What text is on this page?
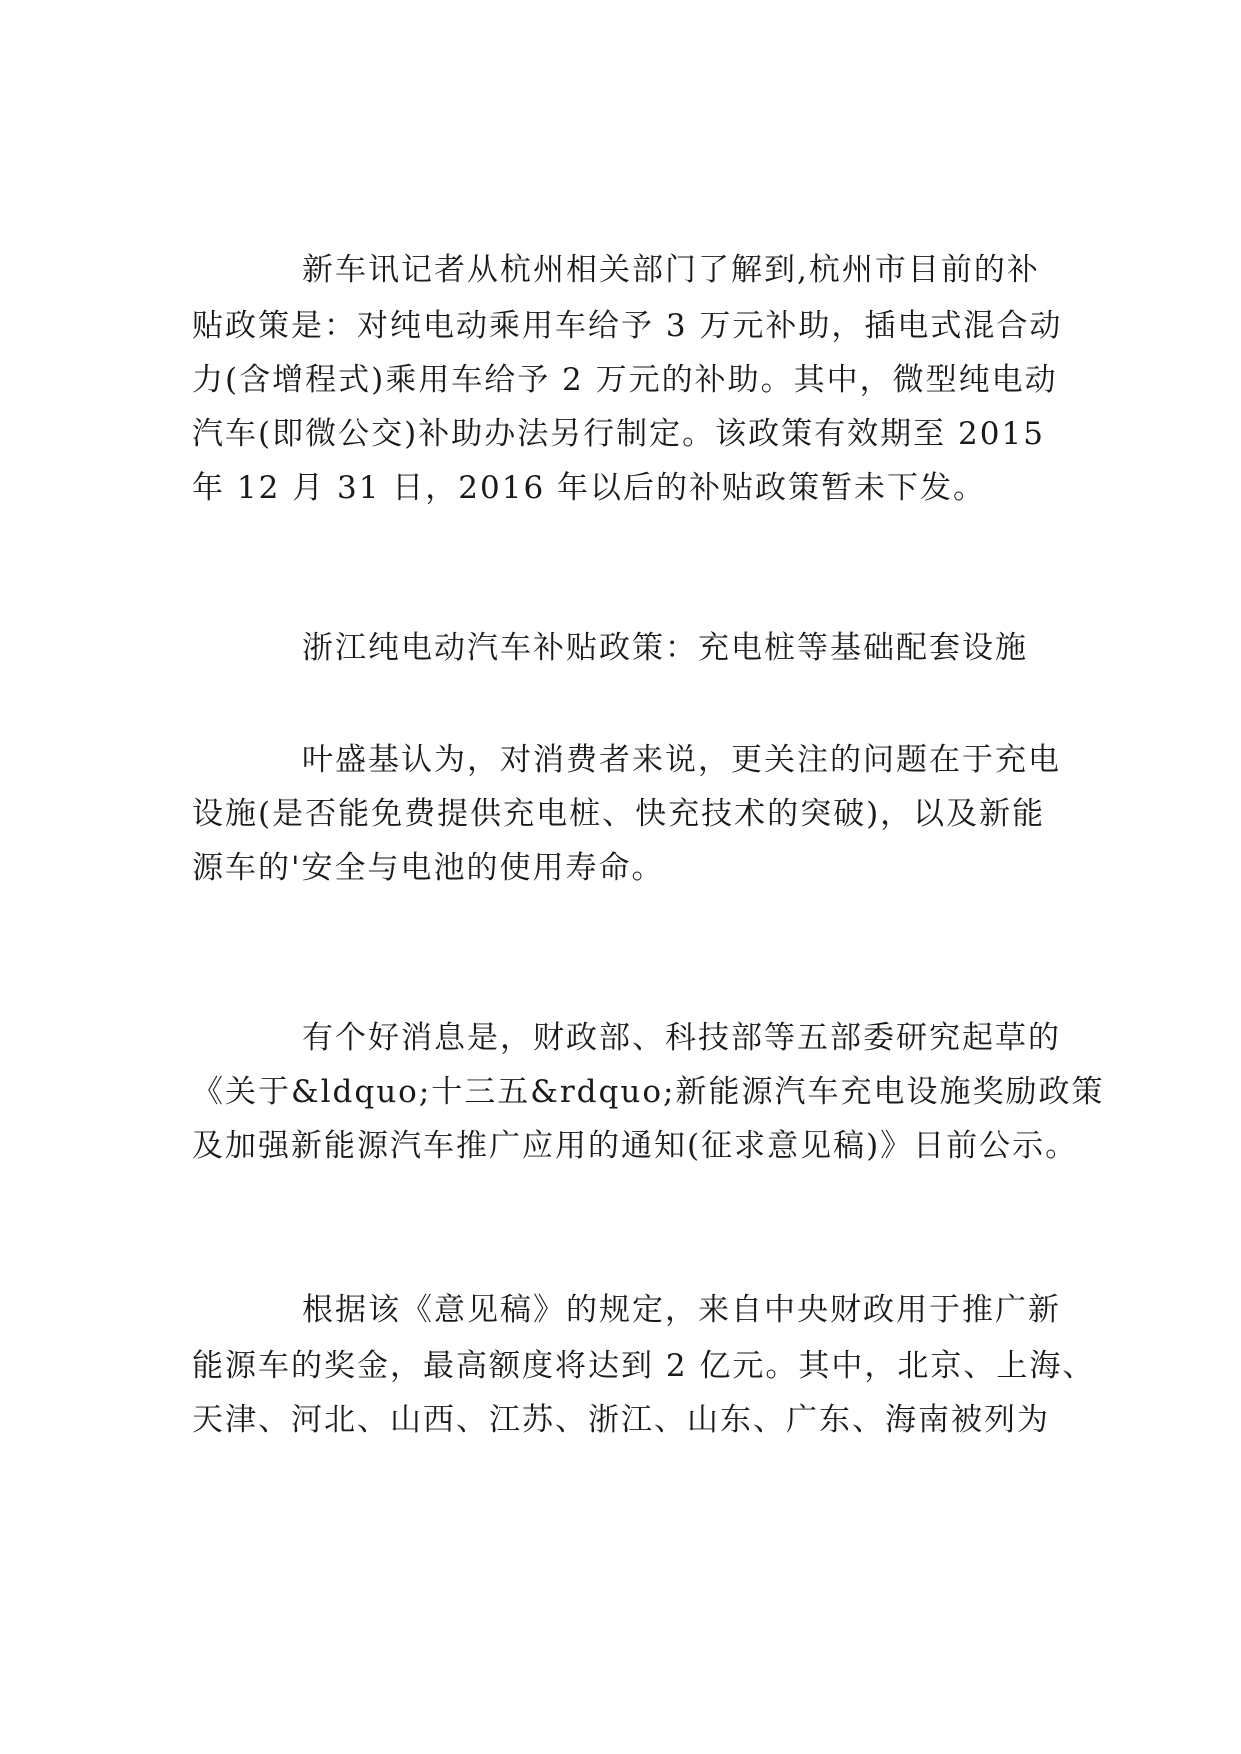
新车讯记者从杭州相关部门了解到,杭州市目前的补
贴政策是：对纯电动乘用车给予 3 万元补助，插电式混合动
力(含增程式)乘用车给予 2 万元的补助。其中，微型纯电动
汽车(即微公交)补助办法另行制定。该政策有效期至 2015
年 12 月 31 日，2016 年以后的补贴政策暂未下发。
浙江纯电动汽车补贴政策：充电桩等基础配套设施
叶盛基认为，对消费者来说，更关注的问题在于充电
设施(是否能免费提供充电桩、快充技术的突破)，以及新能
源车的'安全与电池的使用寿命。
有个好消息是，财政部、科技部等五部委研究起草的
《关于&ldquo;十三五&rdquo;新能源汽车充电设施奖励政策
及加强新能源汽车推广应用的通知(征求意见稿)》日前公示。
根据该《意见稿》的规定，来自中央财政用于推广新
能源车的奖金，最高额度将达到 2 亿元。其中，北京、上海、
天津、河北、山西、江苏、浙江、山东、广东、海南被列为
